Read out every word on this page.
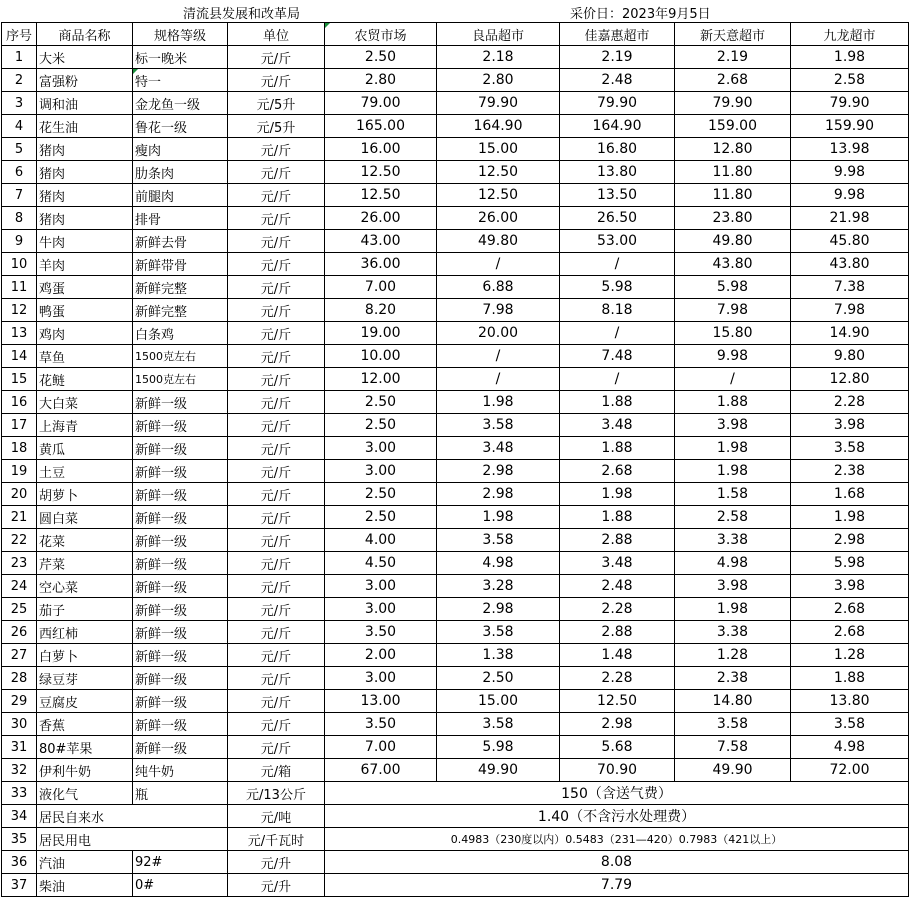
清流县发展和改革局	采价日：2023年9月5日
序号	商品名称	规格等级	单位	农贸市场	良品超市	佳嘉惠超市	新天意超市	九龙超市
1	大米	标一晚米	元/斤	2.50	2.18	2.19	2.19	1.98
2	富强粉	特一	元/斤	2.80	2.80	2.48	2.68	2.58
3	调和油	金龙鱼一级	元/5升	79.00	79.90	79.90	79.90	79.90
4	花生油	鲁花一级	元/5升	165.00	164.90	164.90	159.00	159.90
5	猪肉	瘦肉	元/斤	16.00	15.00	16.80	12.80	13.98
6	猪肉	肋条肉	元/斤	12.50	12.50	13.80	11.80	9.98
7	猪肉	前腿肉	元/斤	12.50	12.50	13.50	11.80	9.98
8	猪肉	排骨	元/斤	26.00	26.00	26.50	23.80	21.98
9	牛肉	新鲜去骨	元/斤	43.00	49.80	53.00	49.80	45.80
10	羊肉	新鲜带骨	元/斤	36.00	/	/	43.80	43.80
11	鸡蛋	新鲜完整	元/斤	7.00	6.88	5.98	5.98	7.38
12	鸭蛋	新鲜完整	元/斤	8.20	7.98	8.18	7.98	7.98
13	鸡肉	白条鸡	元/斤	19.00	20.00	/	15.80	14.90
14	草鱼	1500克左右	元/斤	10.00	/	7.48	9.98	9.80
15	花鲢	1500克左右	元/斤	12.00	/	/	/	12.80
16	大白菜	新鲜一级	元/斤	2.50	1.98	1.88	1.88	2.28
17	上海青	新鲜一级	元/斤	2.50	3.58	3.48	3.98	3.98
18	黄瓜	新鲜一级	元/斤	3.00	3.48	1.88	1.98	3.58
19	土豆	新鲜一级	元/斤	3.00	2.98	2.68	1.98	2.38
20	胡萝卜	新鲜一级	元/斤	2.50	2.98	1.98	1.58	1.68
21	圆白菜	新鲜一级	元/斤	2.50	1.98	1.88	2.58	1.98
22	花菜	新鲜一级	元/斤	4.00	3.58	2.88	3.38	2.98
23	芹菜	新鲜一级	元/斤	4.50	4.98	3.48	4.98	5.98
24	空心菜	新鲜一级	元/斤	3.00	3.28	2.48	3.98	3.98
25	茄子	新鲜一级	元/斤	3.00	2.98	2.28	1.98	2.68
26	西红柿	新鲜一级	元/斤	3.50	3.58	2.88	3.38	2.68
27	白萝卜	新鲜一级	元/斤	2.00	1.38	1.48	1.28	1.28
28	绿豆芽	新鲜一级	元/斤	3.00	2.50	2.28	2.38	1.88
29	豆腐皮	新鲜一级	元/斤	13.00	15.00	12.50	14.80	13.80
30	香蕉	新鲜一级	元/斤	3.50	3.58	2.98	3.58	3.58
31	80#苹果	新鲜一级	元/斤	7.00	5.98	5.68	7.58	4.98
32	伊利牛奶	纯牛奶	元/箱	67.00	49.90	70.90	49.90	72.00
33	液化气	瓶	元/13公斤	150（含送气费）				
34	居民自来水		元/吨	1.40（不含污水处理费）				
35	居民用电		元/千瓦时	0.4983（230度以内）0.5483（231—420）0.7983（421以上）				
36	汽油	92#	元/升	8.08				
37	柴油	0#	元/升	7.79				
